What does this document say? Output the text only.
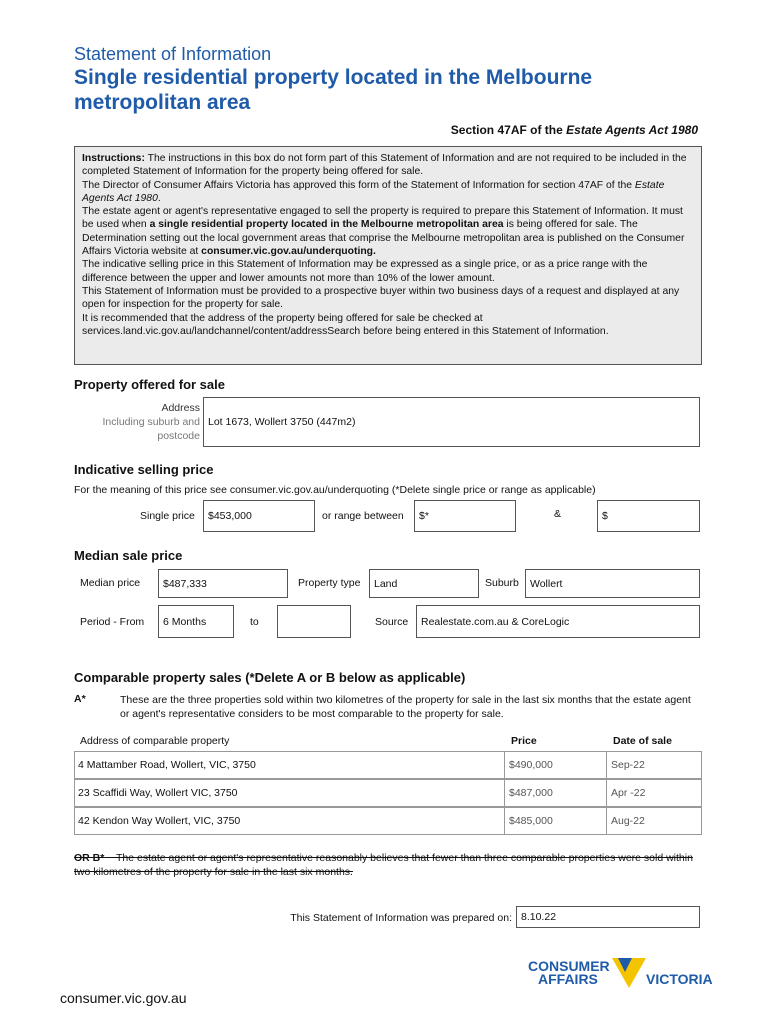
Statement of Information
Single residential property located in the Melbourne metropolitan area
Section 47AF of the Estate Agents Act 1980

Instructions: The instructions in this box do not form part of this Statement of Information and are not required to be included in the completed Statement of Information for the property being offered for sale.

The Director of Consumer Affairs Victoria has approved this form of the Statement of Information for section 47AF of the Estate Agents Act 1980.

The estate agent or agent's representative engaged to sell the property is required to prepare this Statement of Information. It must be used when a single residential property located in the Melbourne metropolitan area is being offered for sale. The Determination setting out the local government areas that comprise the Melbourne metropolitan area is published on the Consumer Affairs Victoria website at consumer.vic.gov.au/underquoting.

The indicative selling price in this Statement of Information may be expressed as a single price, or as a price range with the difference between the upper and lower amounts not more than 10% of the lower amount.

This Statement of Information must be provided to a prospective buyer within two business days of a request and displayed at any open for inspection for the property for sale.

It is recommended that the address of the property being offered for sale be checked at services.land.vic.gov.au/landchannel/content/addressSearch before being entered in this Statement of Information.

Property offered for sale
Address
Including suburb and
postcode
Lot 1673, Wollert 3750 (447m2)
Indicative selling price
For the meaning of this price see consumer.vic.gov.au/underquoting (*Delete single price or range as applicable)
Single price	$453,000	or range between	$*	&	$
Median sale price
Median price	$487,333	Property type	Land	Suburb	Wollert
Period - From	6 Months	to	Source	Realestate.com.au & CoreLogic
Comparable property sales (*Delete A or B below as applicable)
A*	These are the three properties sold within two kilometres of the property for sale in the last six months that the estate agent or agent's representative considers to be most comparable to the property for sale.
Address of comparable property	Price	Date of sale
4 Mattamber Road, Wollert, VIC, 3750	$490,000	Sep-22
23 Scaffidi Way, Wollert VIC, 3750	$487,000	Apr -22
42 Kendon Way Wollert, VIC, 3750	$485,000	Aug-22
OR B* The estate agent or agent's representative reasonably believes that fewer than three comparable properties were sold within two kilometres of the property for sale in the last six months.
This Statement of Information was prepared on: 8.10.22
CONSUMER
AFFAIRS	VICTORIA
consumer.vic.gov.au
